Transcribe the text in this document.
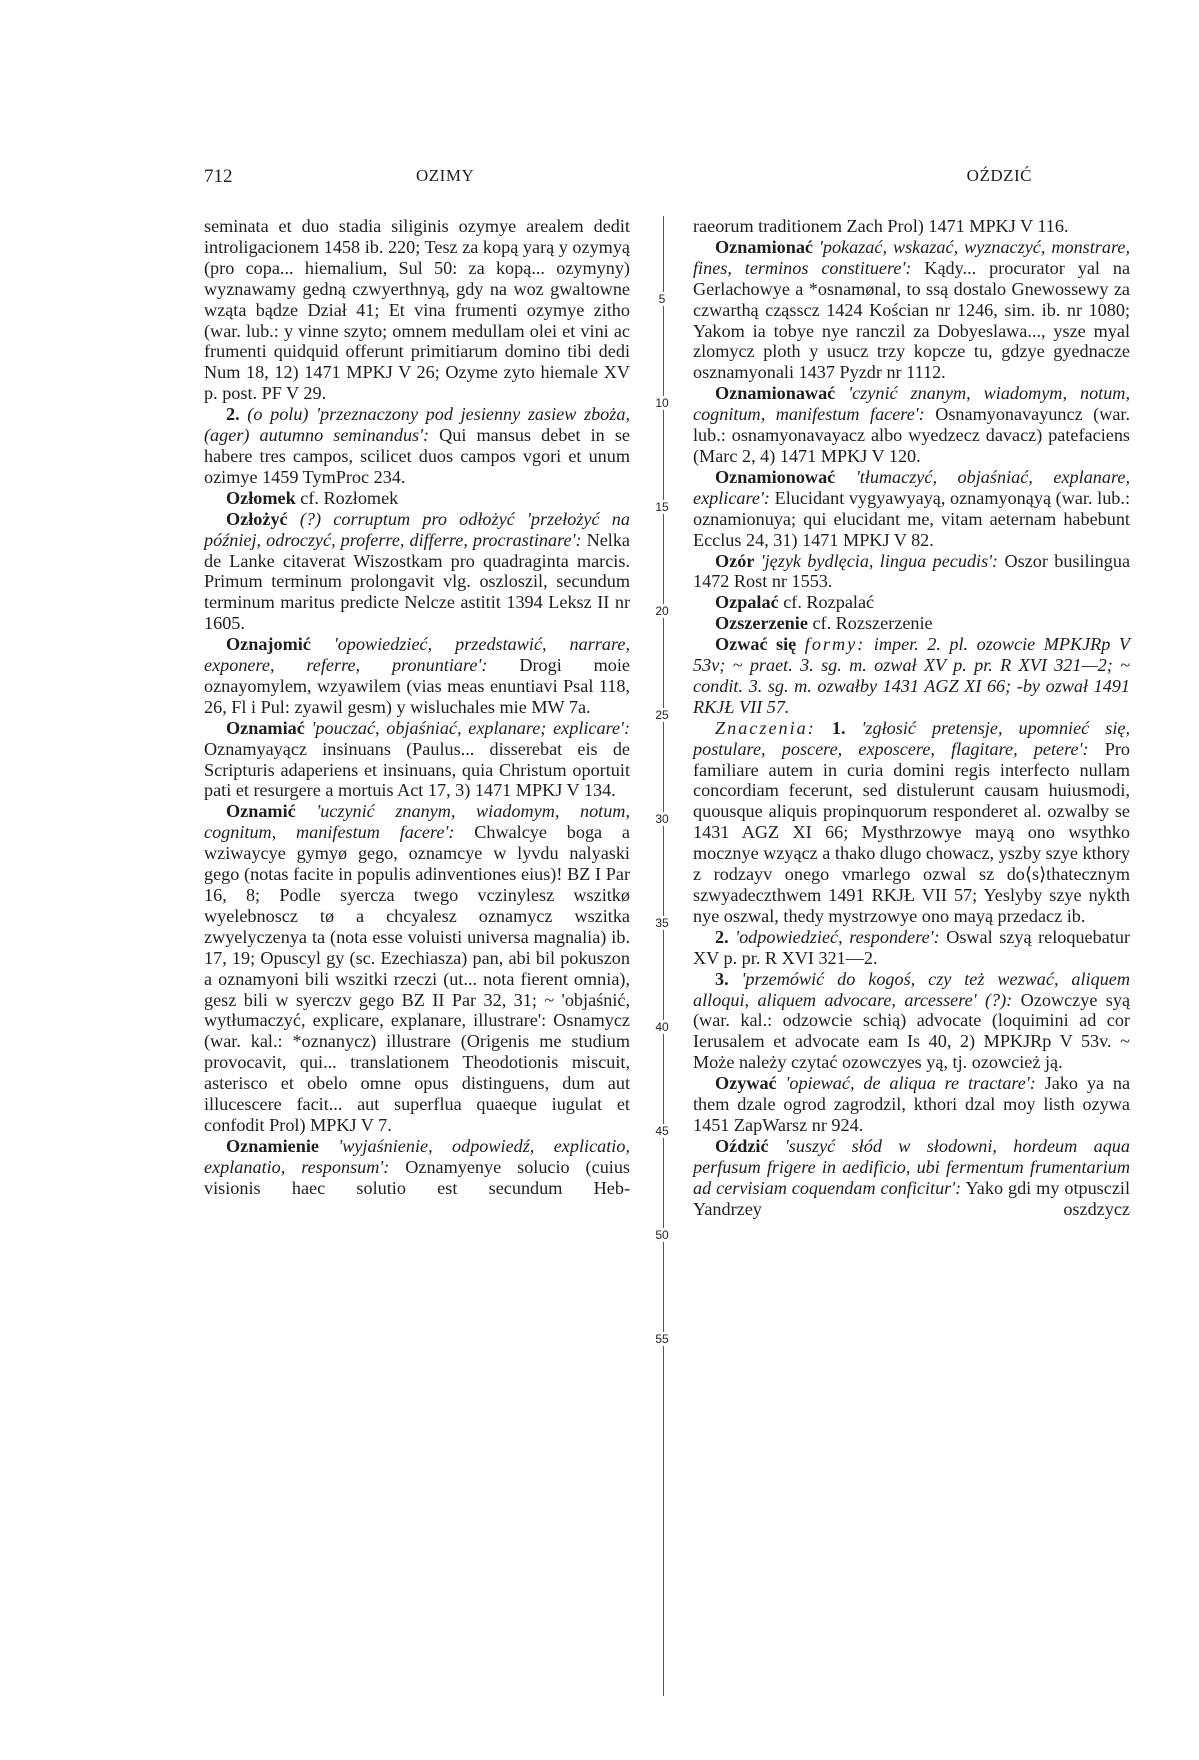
712	OZIMY	OŹDZIĆ

seminata et duo stadia siliginis ozymye arealem dedit introligacionem 1458 ib. 220; Tesz za kopą yarą y ozymyą (pro copa... hiemalium, Sul 50: za kopą... ozymyny) wyznawamy gedną czwyerthnyą, gdy na woz gwaltowne wząta bądze Dział 41; Et vina frumenti ozymye zitho (war. lub.: y vinne szyto; omnem medullam olei et vini ac frumenti quidquid offerunt primitiarum domino tibi dedi Num 18, 12) 1471 MPKJ V 26; Ozyme zyto hiemale XV p. post. PF V 29.

2. (o polu) 'przeznaczony pod jesienny zasiew zboża, (ager) autumno seminandus': Qui mansus debet in se habere tres campos, scilicet duos campos vgori et unum ozimye 1459 TymProc 234.

Ozłomek cf. Rozłomek

Ozłożyć (?) corruptum pro odłożyć 'przełożyć na później, odroczyć, proferre, differre, procrastinare': Nelka de Lanke citaverat Wiszostkam pro quadraginta marcis. Primum terminum prolongavit vlg. oszloszil, secundum terminum maritus predicte Nelcze astitit 1394 Leksz II nr 1605.

Oznajomić 'opowiedzieć, przedstawić, narrare, exponere, referre, pronuntiare': Drogi moie oznayomylem, wzyawilem (vias meas enuntiavi Psal 118, 26, Fl i Pul: zyawil gesm) y wisluchales mie MW 7a.

Oznamiać 'pouczać, objaśniać, explanare; explicare': Oznamyayącz insinuans (Paulus... disserebat eis de Scripturis adaperiens et insinuans, quia Christum oportuit pati et resurgere a mortuis Act 17, 3) 1471 MPKJ V 134.

Oznamić 'uczynić znanym, wiadomym, notum, cognitum, manifestum facere': Chwalcye boga a wziwaycye gymyø gego, oznamcye w lyvdu nalyaski gego (notas facite in populis adinventiones eius)! BZ I Par 16, 8; Podle syercza twego vczinylesz wszitkø wyelebnoscz tø a chcyalesz oznamycz wszitka zwyelyczenya ta (nota esse voluisti universa magnalia) ib. 17, 19; Opuscyl gy (sc. Ezechiasza) pan, abi bil pokuszon a oznamyoni bili wszitki rzeczi (ut... nota fierent omnia), gesz bili w syerczv gego BZ II Par 32, 31; ~ 'objaśnić, wytłumaczyć, explicare, explanare, illustrare': Osnamycz (war. kal.: *oznanycz) illustrare (Origenis me studium provocavit, qui... translationem Theodotionis miscuit, asterisco et obelo omne opus distinguens, dum aut illucescere facit... aut superflua quaeque iugulat et confodit Prol) MPKJ V 7.

Oznamienie 'wyjaśnienie, odpowiedź, explicatio, explanatio, responsum': Oznamyenye solucio (cuius visionis haec solutio est secundum Heb-

5
10
15
20
25
30
35
40
45
50
55

raeorum traditionem Zach Prol) 1471 MPKJ V 116.

Oznamionać 'pokazać, wskazać, wyznaczyć, monstrare, fines, terminos constituere': Kądy... procurator yal na Gerlachowye a *osnamønal, to ssą dostalo Gnewossewy za czwarthą cząsscz 1424 Kościan nr 1246, sim. ib. nr 1080; Yakom ia tobye nye ranczil za Dobyeslawa..., ysze myal zlomycz ploth y usucz trzy kopcze tu, gdzye gyednacze osznamyonali 1437 Pyzdr nr 1112.

Oznamionawać 'czynić znanym, wiadomym, notum, cognitum, manifestum facere': Osnamyonavayuncz (war. lub.: osnamyonavayacz albo wyedzecz davacz) patefaciens (Marc 2, 4) 1471 MPKJ V 120.

Oznamionować 'tłumaczyć, objaśniać, explanare, explicare': Elucidant vygyawyayą, oznamyonąyą (war. lub.: oznamionuya; qui elucidant me, vitam aeternam habebunt Ecclus 24, 31) 1471 MPKJ V 82.

Ozór 'język bydlęcia, lingua pecudis': Oszor busilingua 1472 Rost nr 1553.

Ozpalać cf. Rozpalać

Ozszerzenie cf. Rozszerzenie

Ozwać się formy: imper. 2. pl. ozowcie MPKJRp V 53v; ~ praet. 3. sg. m. ozwał XV p. pr. R XVI 321—2; ~ condit. 3. sg. m. ozwałby 1431 AGZ XI 66; -by ozwał 1491 RKJŁ VII 57.

Znaczenia: 1. 'zgłosić pretensje, upomnieć się, postulare, poscere, exposcere, flagitare, petere': Pro familiare autem in curia domini regis interfecto nullam concordiam fecerunt, sed distulerunt causam huiusmodi, quousque aliquis propinquorum responderet al. ozwalby se 1431 AGZ XI 66; Mysthrzowye mayą ono wsythko mocznye wzyącz a thako dlugo chowacz, yszby szye kthory z rodzayv onego vmarlego ozwal sz do⟨s⟩thatecznym szwyadeczthwem 1491 RKJŁ VII 57; Yeslyby szye nykth nye oszwal, thedy mystrzowye ono mayą przedacz ib.

2. 'odpowiedzieć, respondere': Oswal szyą reloquebatur XV p. pr. R XVI 321—2.

3. 'przemówić do kogoś, czy też wezwać, aliquem alloqui, aliquem advocare, arcessere' (?): Ozowczye syą (war. kal.: odzowcie schią) advocate (loquimini ad cor Ierusalem et advocate eam Is 40, 2) MPKJRp V 53v. ~ Może należy czytać ozowczyes yą, tj. ozowcież ją.

Ozywać 'opiewać, de aliqua re tractare': Jako ya na them dzale ogrod zagrodzil, kthori dzal moy listh ozywa 1451 ZapWarsz nr 924.

Oździć 'suszyć słód w słodowni, hordeum aqua perfusum frigere in aedificio, ubi fermentum frumentarium ad cervisiam coquendam conficitur': Yako gdi my otpusczil Yandrzey oszdzycz
